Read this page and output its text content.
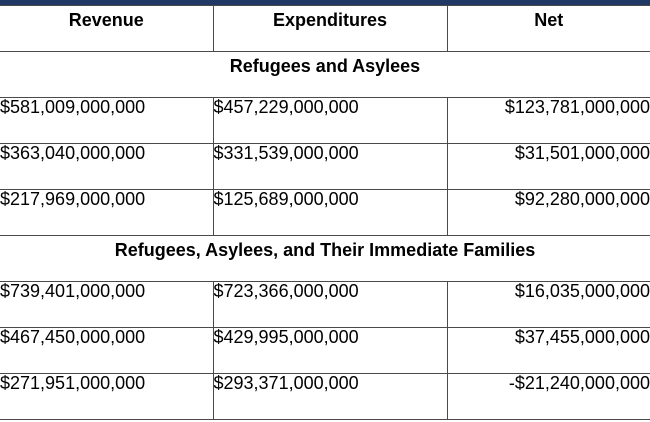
Revenue	Expenditures	Net
Refugees and Asylees		
$581,009,000,000	$457,229,000,000	$123,781,000,000
$363,040,000,000	$331,539,000,000	$31,501,000,000
$217,969,000,000	$125,689,000,000	$92,280,000,000
Refugees, Asylees, and Their Immediate Families		
$739,401,000,000	$723,366,000,000	$16,035,000,000
$467,450,000,000	$429,995,000,000	$37,455,000,000
$271,951,000,000	$293,371,000,000	-$21,240,000,000
